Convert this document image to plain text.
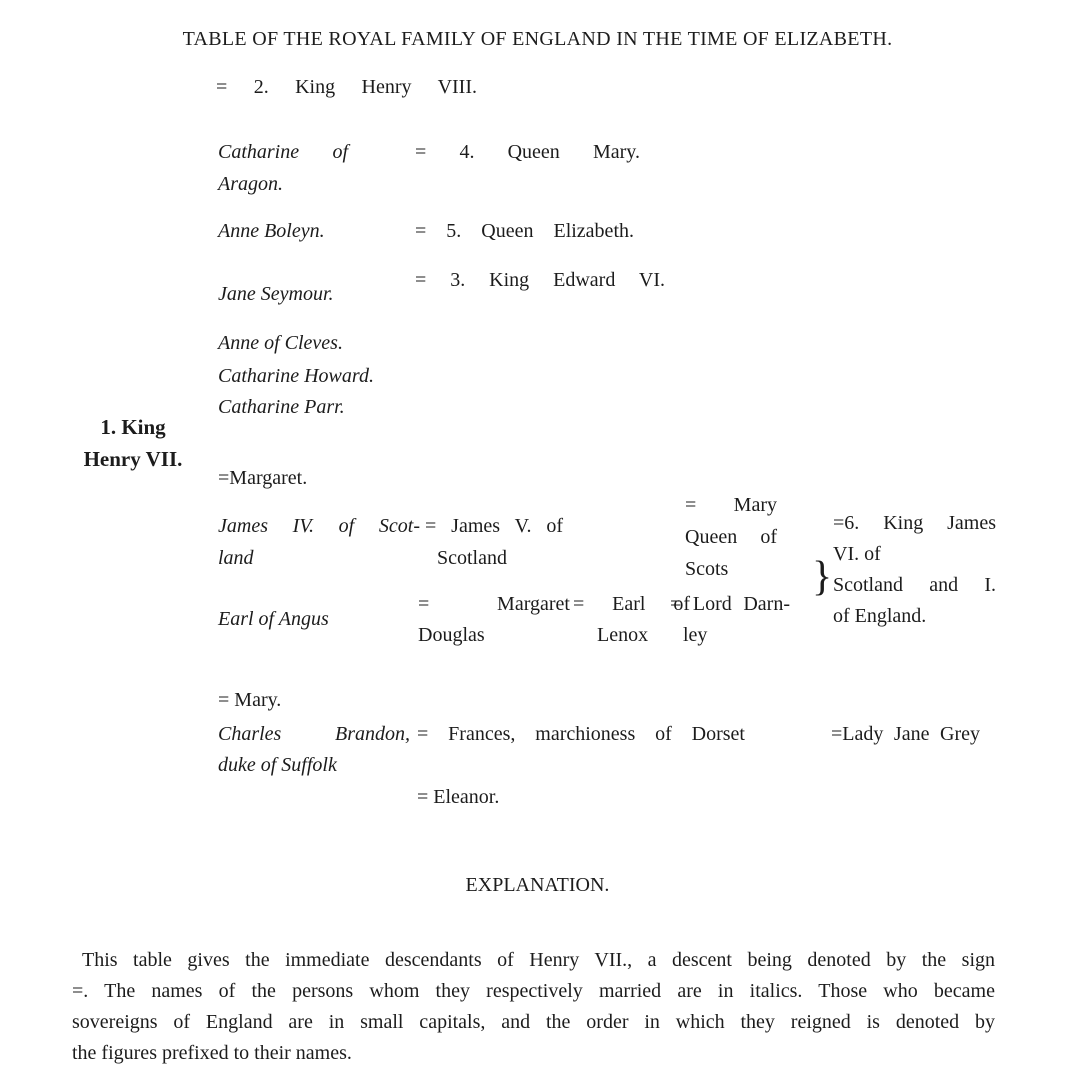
TABLE OF THE ROYAL FAMILY OF ENGLAND IN THE TIME OF ELIZABETH.
= 2. King Henry VIII.
Catharine of
Aragon.
= 4. Queen Mary.
Anne Boleyn.	= 5. Queen Elizabeth.
= 3. King Edward VI.
Jane Seymour.
Anne of Cleves.
Catharine Howard.
Catharine Parr.
1. King
Henry VII.
=Margaret.
James IV. of Scot-
land
= James V. of
Scotland
= Mary
Queen of
Scots }
=6. King James
VI. of
Scotland and I.
of England.
Earl of Angus
= Margaret
Douglas
= Earl of
Lenox
= Lord Darn-
ley
= Mary.
Charles Brandon,
duke of Suffolk
= Frances, marchioness of Dorset	=Lady Jane Grey
= Eleanor.
EXPLANATION.
This table gives the immediate descendants of Henry VII., a descent being denoted by the sign
=. The names of the persons whom they respectively married are in italics. Those who became
sovereigns of England are in small capitals, and the order in which they reigned is denoted by
the figures prefixed to their names.
